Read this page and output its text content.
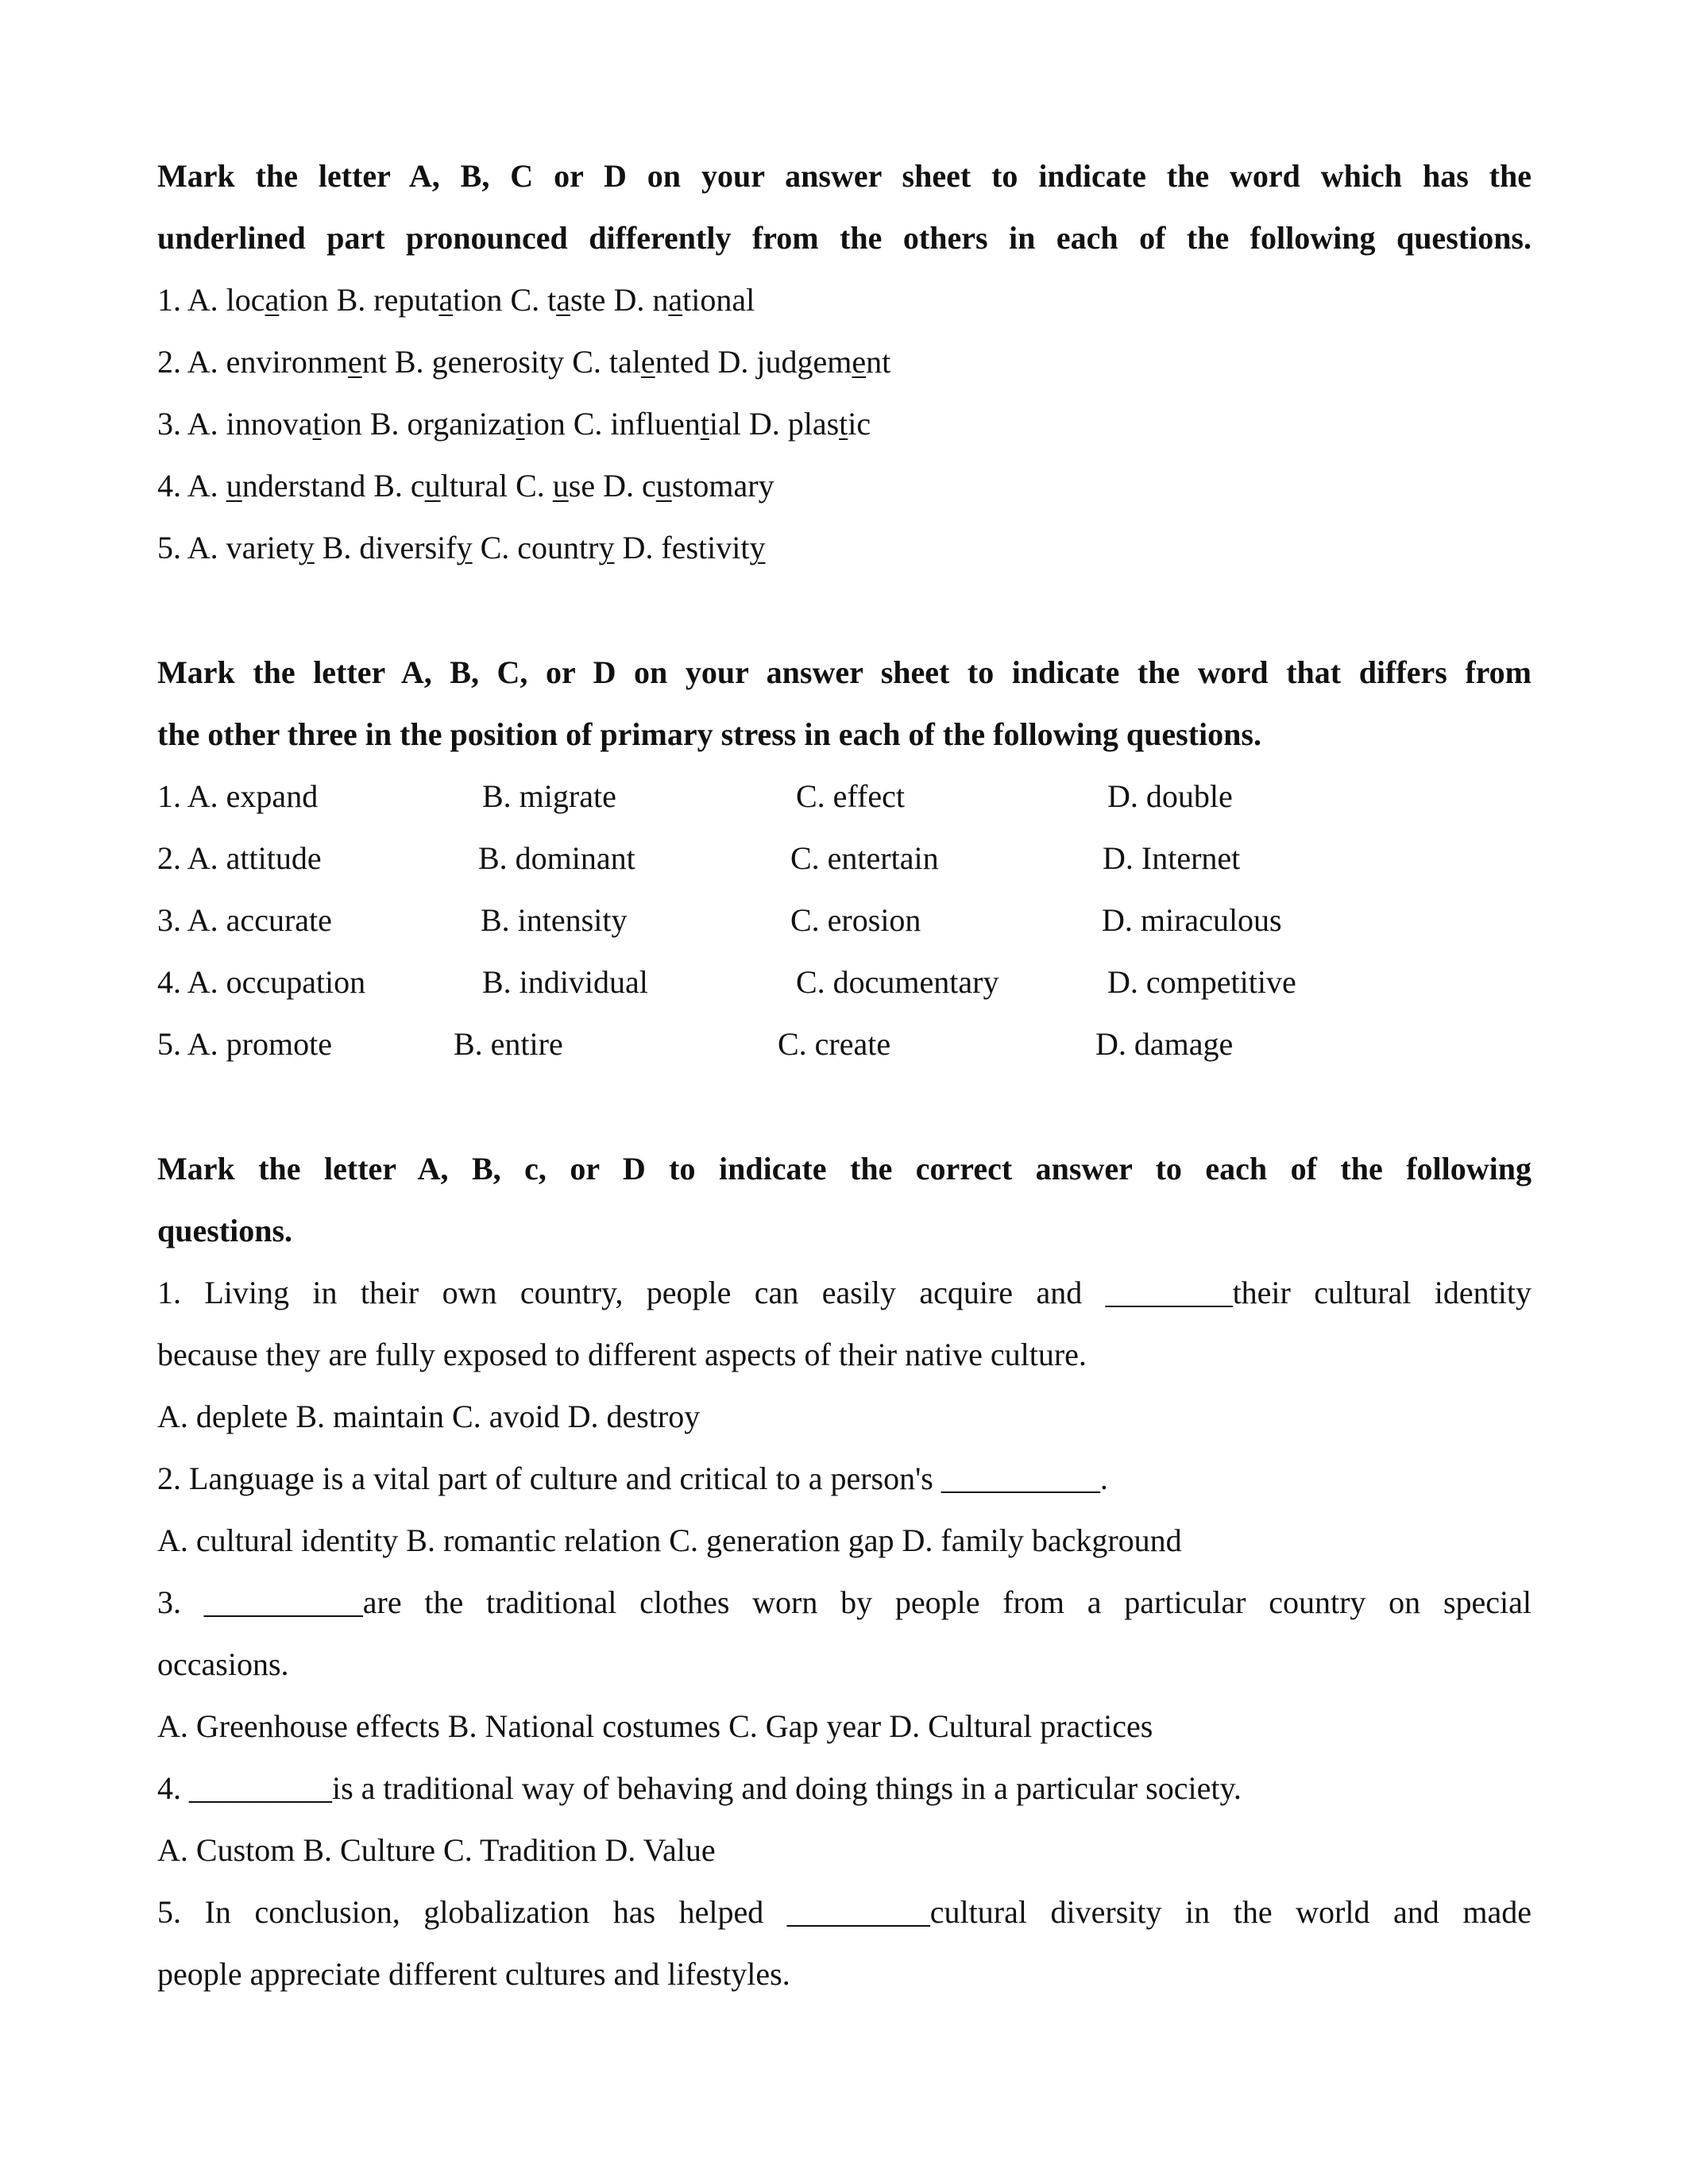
Mark the letter A, B, C or D on your answer sheet to indicate the word which has the
underlined part pronounced differently from the others in each of the following questions.
1. A. location B. reputation C. taste D. national
2. A. environment B. generosity C. talented D. judgement
3. A. innovation B. organization C. influential D. plastic
4. A. understand B. cultural C. use D. customary
5. A. variety B. diversify C. country D. festivity
Mark the letter A, B, C, or D on your answer sheet to indicate the word that differs from
the other three in the position of primary stress in each of the following questions.
1. A. expand	B. migrate	C. effect	D. double
2. A. attitude	B. dominant	C. entertain	D. Internet
3. A. accurate	B. intensity	C. erosion	D. miraculous
4. A. occupation	B. individual	C. documentary	D. competitive
5. A. promote	B. entire	C. create	D. damage
Mark the letter A, B, c, or D to indicate the correct answer to each of the following
questions.
1. Living in their own country, people can easily acquire and ________their cultural identity
because they are fully exposed to different aspects of their native culture.
A. deplete B. maintain C. avoid D. destroy
2. Language is a vital part of culture and critical to a person's __________.
A. cultural identity B. romantic relation C. generation gap D. family background
3. __________are the traditional clothes worn by people from a particular country on special
occasions.
A. Greenhouse effects B. National costumes C. Gap year D. Cultural practices
4. _________is a traditional way of behaving and doing things in a particular society.
A. Custom B. Culture C. Tradition D. Value
5. In conclusion, globalization has helped _________cultural diversity in the world and made
people appreciate different cultures and lifestyles.
